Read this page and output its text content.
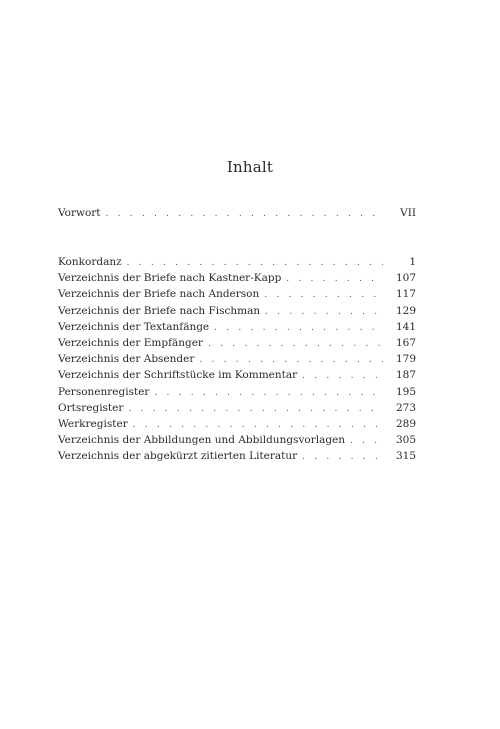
Inhalt
Vorwort . . .	VII
Konkordanz . . .	1
Verzeichnis der Briefe nach Kastner-Kapp . . .	107
Verzeichnis der Briefe nach Anderson . . .	117
Verzeichnis der Briefe nach Fischman . . .	129
Verzeichnis der Textanfänge . . .	141
Verzeichnis der Empfänger . . .	167
Verzeichnis der Absender . . .	179
Verzeichnis der Schriftstücke im Kommentar . . .	187
Personenregister . . .	195
Ortsregister . . .	273
Werkregister . . .	289
Verzeichnis der Abbildungen und Abbildungsvorlagen . . .	305
Verzeichnis der abgekürzt zitierten Literatur . . .	315
